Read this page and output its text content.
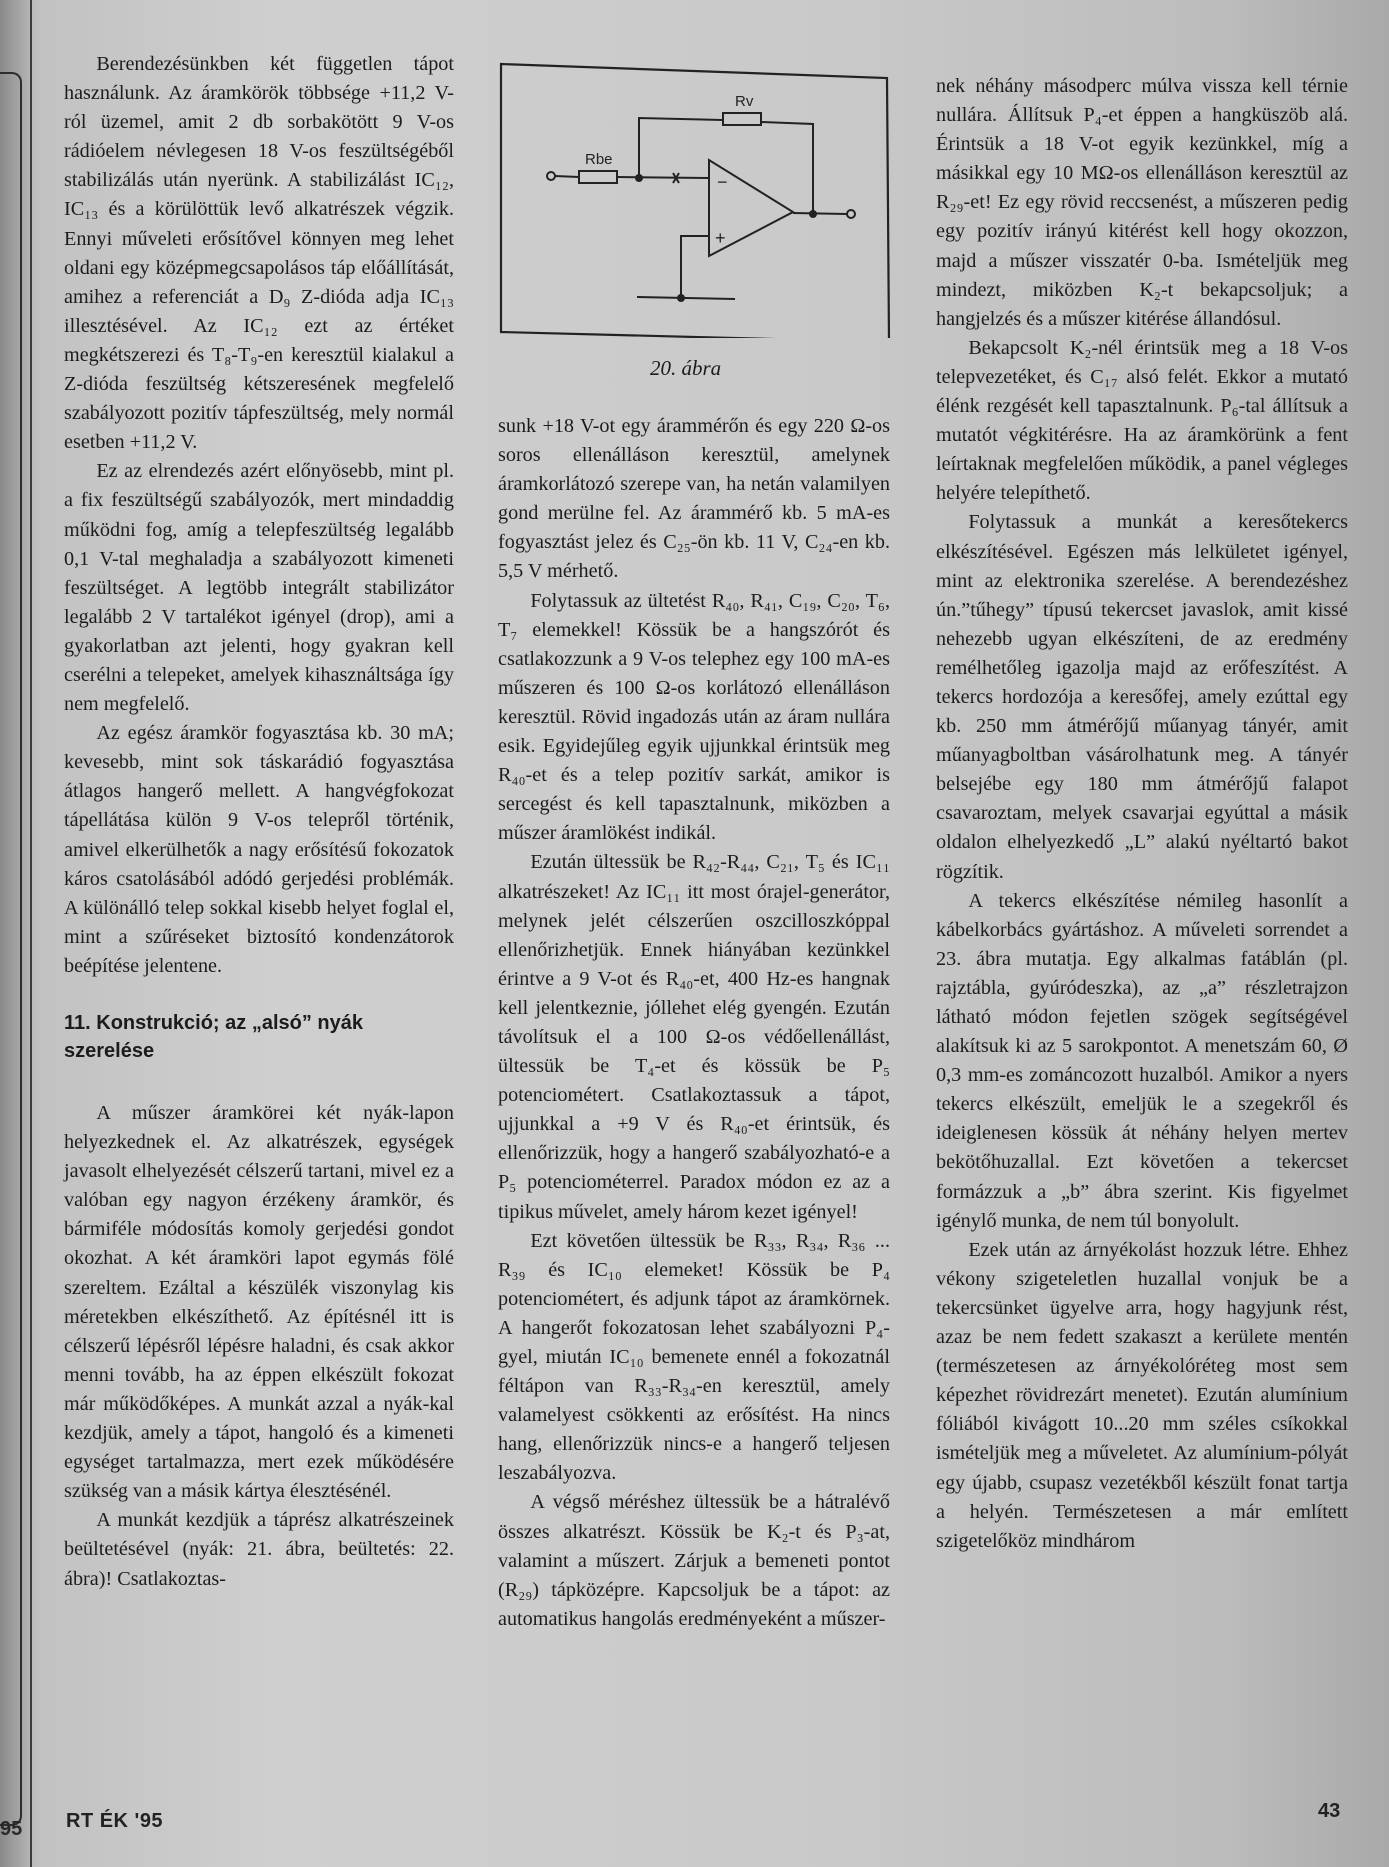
95

Berendezésünkben két független tápot használunk. Az áramkörök többsége +11,2 V-ról üzemel, amit 2 db sorbakötött 9 V-os rádióelem névlegesen 18 V-os feszültségéből stabilizálás után nyerünk. A stabilizálást IC₁₂, IC₁₃ és a körülöttük levő alkatrészek végzik. Ennyi műveleti erősítővel könnyen meg lehet oldani egy középmegcsapolásos táp előállítását, amihez a referenciát a D₉ Z-dióda adja IC₁₃ illesztésével. Az IC₁₂ ezt az értéket megkétszerezi és T₈-T₉-en keresztül kialakul a Z-dióda feszültség kétszeresének megfelelő szabályozott pozitív tápfeszültség, mely normál esetben +11,2 V.

Ez az elrendezés azért előnyösebb, mint pl. a fix feszültségű szabályozók, mert mindaddig működni fog, amíg a telepfeszültség legalább 0,1 V-tal meghaladja a szabályozott kimeneti feszültséget. A legtöbb integrált stabilizátor legalább 2 V tartalékot igényel (drop), ami a gyakorlatban azt jelenti, hogy gyakran kell cserélni a telepeket, amelyek kihasználtsága így nem megfelelő.

Az egész áramkör fogyasztása kb. 30 mA; kevesebb, mint sok táskarádió fogyasztása átlagos hangerő mellett. A hangvégfokozat tápellátása külön 9 V-os telepről történik, amivel elkerülhetők a nagy erősítésű fokozatok káros csatolásából adódó gerjedési problémák. A különálló telep sokkal kisebb helyet foglal el, mint a szűréseket biztosító kondenzátorok beépítése jelentene.

11. Konstrukció; az „alsó” nyák szerelése

A műszer áramkörei két nyák-lapon helyezkednek el. Az alkatrészek, egységek javasolt elhelyezését célszerű tartani, mivel ez a valóban egy nagyon érzékeny áramkör, és bármiféle módosítás komoly gerjedési gondot okozhat. A két áramköri lapot egymás fölé szereltem. Ezáltal a készülék viszonylag kis méretekben elkészíthető. Az építésnél itt is célszerű lépésről lépésre haladni, és csak akkor menni tovább, ha az éppen elkészült fokozat már működőképes. A munkát azzal a nyák-kal kezdjük, amely a tápot, hangoló és a kimeneti egységet tartalmazza, mert ezek működésére szükség van a másik kártya élesztésénél.

A munkát kezdjük a táprész alkatrészeinek beültetésével (nyák: 21. ábra, beültetés: 22. ábra)! Csatlakoztas-

Rv
Rbe
−
+
20. ábra

sunk +18 V-ot egy árammérőn és egy 220 Ω-os soros ellenálláson keresztül, amelynek áramkorlátozó szerepe van, ha netán valamilyen gond merülne fel. Az árammérő kb. 5 mA-es fogyasztást jelez és C₂₅-ön kb. 11 V, C₂₄-en kb. 5,5 V mérhető.

Folytassuk az ültetést R₄₀, R₄₁, C₁₉, C₂₀, T₆, T₇ elemekkel! Kössük be a hangszórót és csatlakozzunk a 9 V-os telephez egy 100 mA-es műszeren és 100 Ω-os korlátozó ellenálláson keresztül. Rövid ingadozás után az áram nullára esik. Egyidejűleg egyik ujjunkkal érintsük meg R₄₀-et és a telep pozitív sarkát, amikor is sercegést és kell tapasztalnunk, miközben a műszer áramlökést indikál.

Ezután ültessük be R₄₂-R₄₄, C₂₁, T₅ és IC₁₁ alkatrészeket! Az IC₁₁ itt most órajel-generátor, melynek jelét célszerűen oszcilloszkóppal ellenőrizhetjük. Ennek hiányában kezünkkel érintve a 9 V-ot és R₄₀-et, 400 Hz-es hangnak kell jelentkeznie, jóllehet elég gyengén. Ezután távolítsuk el a 100 Ω-os védőellenállást, ültessük be T₄-et és kössük be P₅ potenciométert. Csatlakoztassuk a tápot, ujjunkkal a +9 V és R₄₀-et érintsük, és ellenőrizzük, hogy a hangerő szabályozható-e a P₅ potenciométerrel. Paradox módon ez az a tipikus művelet, amely három kezet igényel!

Ezt követően ültessük be R₃₃, R₃₄, R₃₆ ... R₃₉ és IC₁₀ elemeket! Kössük be P₄ potenciométert, és adjunk tápot az áramkörnek. A hangerőt fokozatosan lehet szabályozni P₄-gyel, miután IC₁₀ bemenete ennél a fokozatnál féltápon van R₃₃-R₃₄-en keresztül, amely valamelyest csökkenti az erősítést. Ha nincs hang, ellenőrizzük nincs-e a hangerő teljesen leszabályozva.

A végső méréshez ültessük be a hátralévő összes alkatrészt. Kössük be K₂-t és P₃-at, valamint a műszert. Zárjuk a bemeneti pontot (R₂₉) tápközépre. Kapcsoljuk be a tápot: az automatikus hangolás eredményeként a műszer-

nek néhány másodperc múlva vissza kell térnie nullára. Állítsuk P₄-et éppen a hangküszöb alá. Érintsük a 18 V-ot egyik kezünkkel, míg a másikkal egy 10 MΩ-os ellenálláson keresztül az R₂₉-et! Ez egy rövid reccsenést, a műszeren pedig egy pozitív irányú kitérést kell hogy okozzon, majd a műszer visszatér 0-ba. Ismételjük meg mindezt, miközben K₂-t bekapcsoljuk; a hangjelzés és a műszer kitérése állandósul.

Bekapcsolt K₂-nél érintsük meg a 18 V-os telepvezetéket, és C₁₇ alsó felét. Ekkor a mutató élénk rezgését kell tapasztalnunk. P₆-tal állítsuk a mutatót végkitérésre. Ha az áramkörünk a fent leírtaknak megfelelően működik, a panel végleges helyére telepíthető.

Folytassuk a munkát a keresőtekercs elkészítésével. Egészen más lelkületet igényel, mint az elektronika szerelése. A berendezéshez ún.”tűhegy” típusú tekercset javaslok, amit kissé nehezebb ugyan elkészíteni, de az eredmény remélhetőleg igazolja majd az erőfeszítést. A tekercs hordozója a keresőfej, amely ezúttal egy kb. 250 mm átmérőjű műanyag tányér, amit műanyagboltban vásárolhatunk meg. A tányér belsejébe egy 180 mm átmérőjű falapot csavaroztam, melyek csavarjai egyúttal a másik oldalon elhelyezkedő „L” alakú nyéltartó bakot rögzítik.

A tekercs elkészítése némileg hasonlít a kábelkorbács gyártáshoz. A műveleti sorrendet a 23. ábra mutatja. Egy alkalmas fatáblán (pl. rajztábla, gyúródeszka), az „a” részletrajzon látható módon fejetlen szögek segítségével alakítsuk ki az 5 sarokpontot. A menetszám 60, Ø 0,3 mm-es zománcozott huzalból. Amikor a nyers tekercs elkészült, emeljük le a szegekről és ideiglenesen kössük át néhány helyen mertev bekötőhuzallal. Ezt követően a tekercset formázzuk a „b” ábra szerint. Kis figyelmet igénylő munka, de nem túl bonyolult.

Ezek után az árnyékolást hozzuk létre. Ehhez vékony szigeteletlen huzallal vonjuk be a tekercsünket ügyelve arra, hogy hagyjunk rést, azaz be nem fedett szakaszt a kerülete mentén (természetesen az árnyékolóréteg most sem képezhet rövidrezárt menetet). Ezután alumínium fóliából kivágott 10...20 mm széles csíkokkal ismételjük meg a műveletet. Az alumínium-pólyát egy újabb, csupasz vezetékből készült fonat tartja a helyén. Természetesen a már említett szigetelőköz mindhárom

RT ÉK '95	43
